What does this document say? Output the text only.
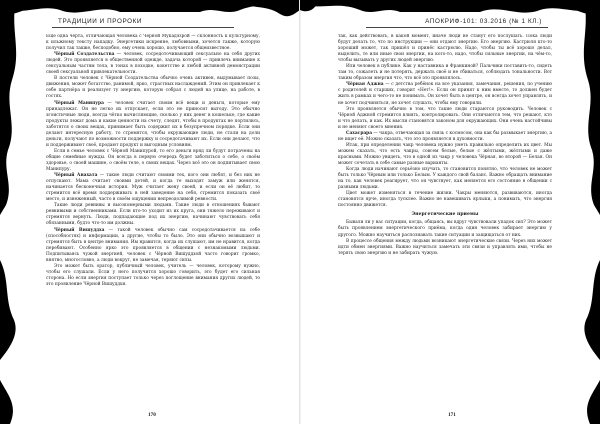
ТРАДИЦИИ И ПРОРОКИ

Ещё одна черта, отличающая человека с Чёрной Мукадэзрой — склонность к культурному, к ильжному тексту нападку. Энергетики искренне, любовными, хочется также, которую получил так также, бесподобно, ему очень хорошо, получается общеизвестное.

Чёрный Создательства — человек, сосредоточивающий сексуально на себя других людей. Это проявляется в общественной одежде, задача которой — привлечь внимание к сексуальным частям тела, в тонах в походке, кокетстве и любой активной демонстрации своей сексуальной привлекательности.

В постели человек с Чёрной Создательства обычно очень активен, выдумывает позы, движения, может богатство, ранимой, ярко, страстных наслаждений. Этим он привлекает к себе партнёра и реализует ту энергию, которую собрал с людей на улице, на работе, в гостях.

Чёрный Манипура — человек считает своим всё вещи и деньги, которые ему принадлежат. Он не легко их отпускает, если это не приносит выгоду. Это обычно эгоистичные люди, всегда чётко вычисляющие, сколько у них денег в кошельке, где какие продукты лежат дома и какие ценности на счету, следят, чтобы в продуктах не портились, заботятся о своих вещах, принимает быть содержит их в безупречном порядке. Если они делают интересную работу, то стремятся, чтобы окружающие люди, не стали на доли деньги, получают по возможности поддержку и сосредотачивают их. Если они делают, что и поддерживают своё, продают продукт и выгодным условиям.

Если в семье человек с Чёрной Манипурой, то его деньги вряд ли будут потрачены на общие семейные нужды. Он всегда в первую очередь будет заботиться о себе, о своём здоровье, о своей машине, о своём теле, о своих вещах. Через всё это он подпитывает свою Манипуру.

Чёрный Анахата — такие люди считают своими тех, кого они любят, и без них не отпускают. Мама считает своими детей, и когда те выходят замуж или женятся, начинается бесконечная история. Муж считает жену своей, и если он её любит, то стремится всё время поддерживать в ней заведение на себя, стремится показать своё место, и изнеженный, часто в своём ощущении непреодолимой ревности.

Такие люди ревнивы и высокомерными людьми. Такие люди в отношениях бывают ревнивыми и собственниками. Если кто-то уходит из их круга, они тяжело переживают и стремятся вернуть. Люди, подпадающие под их энергию, начинают чувствовать себя обязанными, будто что-то им должны.

Чёрный Вишуддха — такой человек обычно сам сосредотачивается на себе (способностях) и информации, а другие, чтобы то было. Это они обычно возвышают и стремятся быть в центре внимания. Им нравится, когда их слушают, им не нравится, когда перебивают. Особенно ярко это проявляется в общении с незнакомыми людьми. Подпитываясь чужой энергией, человек с Чёрной Вишуддхой часто говорит громко, внятно, многословно, а люди вокруг, не замечая, теряют силы.

Это может быть оратор, публичный человек, учитель — человек, которому нужно, чтобы его слушали. Если у него получится хорошо говорить, это будет его сильная сторона. Но если энергия поступает только через поглощение внимания других людей, то это проявление Чёрной Вишуддхи.

170
АПОКРИФ-101: 03.2016 (№ 1 КЛ.)

так, как действовать, в какой момент, иначе люди не станут его послушать. Пока люди будут делать то, что по инструкции — они отдают энергию. Его энергию. Кастрюля кто-то хороший может, так пришёл и принёс кастрюлю. Надо, чтобы ты всё хорошо делал, выделить, те или иные свои энергии, на кого-то, надо, чтобы сильные энергии, на чём-то, чтобы вызывать у других людей энергию.

Или человек в публике. Как у наставника и Франкиной? Пальчики поставить-то, сидеть там то, сожалеть и не потерять, держать своё и не сбиваться, соблюдать тональности. Вот таким образом энергия что, что всё это проявлялось.

Чёрная Аджна — с детства ребёнок на все указания, замечания, решения, по учению с родителей и старших, говорит «Нет!». Если он принят к ним вместе, то должен будет жить в рамках и чего-то не понимать. Он хочет быть в центре, он всегда хочет управлять, и не хочет подчиняться, не хочет слушать, чтобы ему говорили.

Это проявляется обычно в том, что такие люди стараются руководить. Человек с Чёрной Аджной стремится влиять, контролировать. Они отличаются тем, что решают, кто и что делать, и как. Их мысли становятся законом для окружающих. Они очень настойчивы и не меняют своего мнения.

Сахасрара — чакра, отвечающая за связь с космосом, она как бы размыкает энергию, а не ищет её. Можно сказать, что это проявляется в духовности.

Итак, при определении чакр человека нужно уметь правильно определить их цвет. Мы можем сказать, что есть чакры, совсем белые, белые с жёлтыми, жёлтыми и даже красными. Можно увидеть, что в одной из чакр у человека Чёрная, во второй — Белая. Он может сочетать в себе самые разные варианты.

Когда люди начинают серьёзно изучать, то становится понятно, что человек не может быть только Чёрным или только Белым. У каждого свой баланс. Важно обращать внимание на то, как человек реагирует, что он чувствует, как меняется его состояние в общении с разными людьми.

Цвет может изменяться в течение жизни. Чакры меняются, развиваются, иногда становятся ярче, иногда тусклее. Важно не навешивать ярлыки, а понимать, что энергия постоянно движется.

Энергетические приемы

Бывали ли у вас ситуации, когда, общаясь, вы вдруг чувствовали упадок сил? Это может быть проявлением энергетического приёма, когда один человек забирает энергию у другого. Можно научиться распознавать такие ситуации и защищаться от них.

В процессе общения между людьми возникают энергетические связи. Через них может идти обмен энергиями. Важно научиться замечать эти связи и управлять ими, чтобы не терять свою энергию и не забирать чужую.

171
